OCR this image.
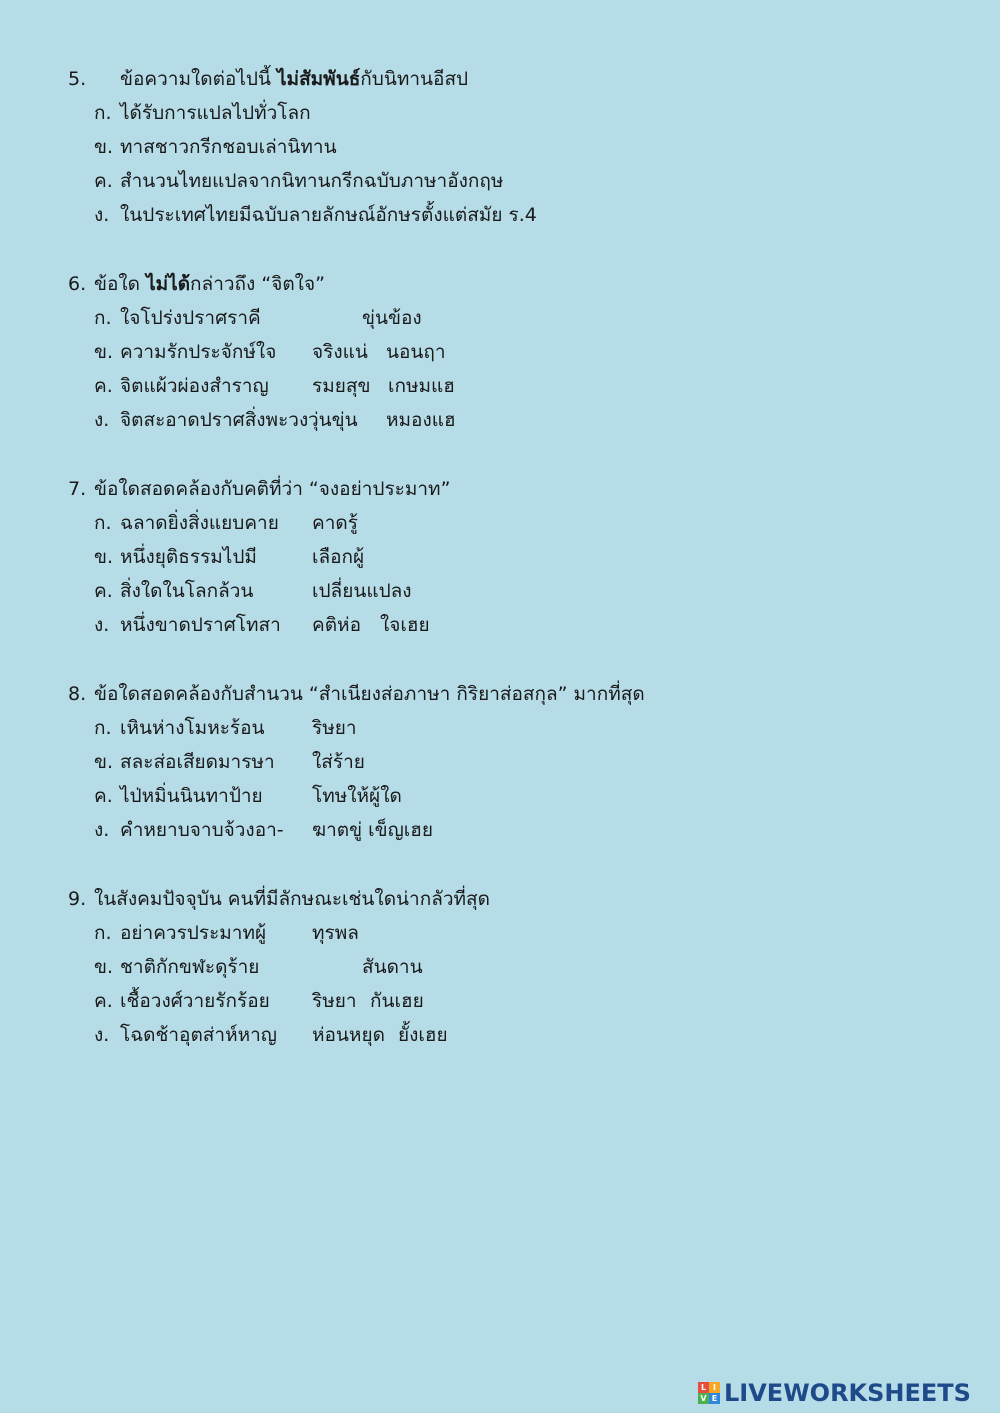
5. ข้อความใดต่อไปนี้ ไม่สัมพันธ์กับนิทานอีสป
ก. ได้รับการแปลไปทั่วโลก
ข. ทาสชาวกรีกชอบเล่านิทาน
ค. สำนวนไทยแปลจากนิทานกรีกฉบับภาษาอังกฤษ
ง. ในประเทศไทยมีฉบับลายลักษณ์อักษรตั้งแต่สมัย ร.4
6. ข้อใด ไม่ได้กล่าวถึง “จิตใจ”
ก. ใจโปร่งปราศราคี	ขุ่นข้อง
ข. ความรักประจักษ์ใจ จริงแน่ นอนฤา
ค. จิตแผ้วผ่องสำราญ รมยสุข เกษมแฮ
ง. จิตสะอาดปราศสิ่งพะวง วุ่นขุ่น หมองแฮ
7. ข้อใดสอดคล้องกับคติที่ว่า “จงอย่าประมาท”
ก. ฉลาดยิ่งสิ่งแยบคาย คาดรู้
ข. หนึ่งยุติธรรมไปมี	เลือกผู้
ค. สิ่งใดในโลกล้วน	เปลี่ยนแปลง
ง. หนึ่งขาดปราศโทสา คติห่อ ใจเฮย
8. ข้อใดสอดคล้องกับสำนวน “สำเนียงส่อภาษา กิริยาส่อสกุล” มากที่สุด
ก. เหินห่างโมหะร้อน ริษยา
ข. สละส่อเสียดมารษา ใส่ร้าย
ค. ไป่หมิ่นนินทาป้าย	โทษให้ผู้ใด
ง. คำหยาบจาบจ้วงอา- ฆาตขู่ เข็ญเฮย
9. ในสังคมปัจจุบัน คนที่มีลักษณะเช่นใดน่ากลัวที่สุด
ก. อย่าควรประมาทผู้ ทุรพล
ข. ชาติกักขฬะดุร้าย	สันดาน
ค. เชื้อวงศ์วายรักร้อย ริษยา กันเฮย
ง. โฉดช้าอุตส่าห์หาญ ห่อนหยุด ยั้งเฮย
L I
V E LIVEWORKSHEETS
